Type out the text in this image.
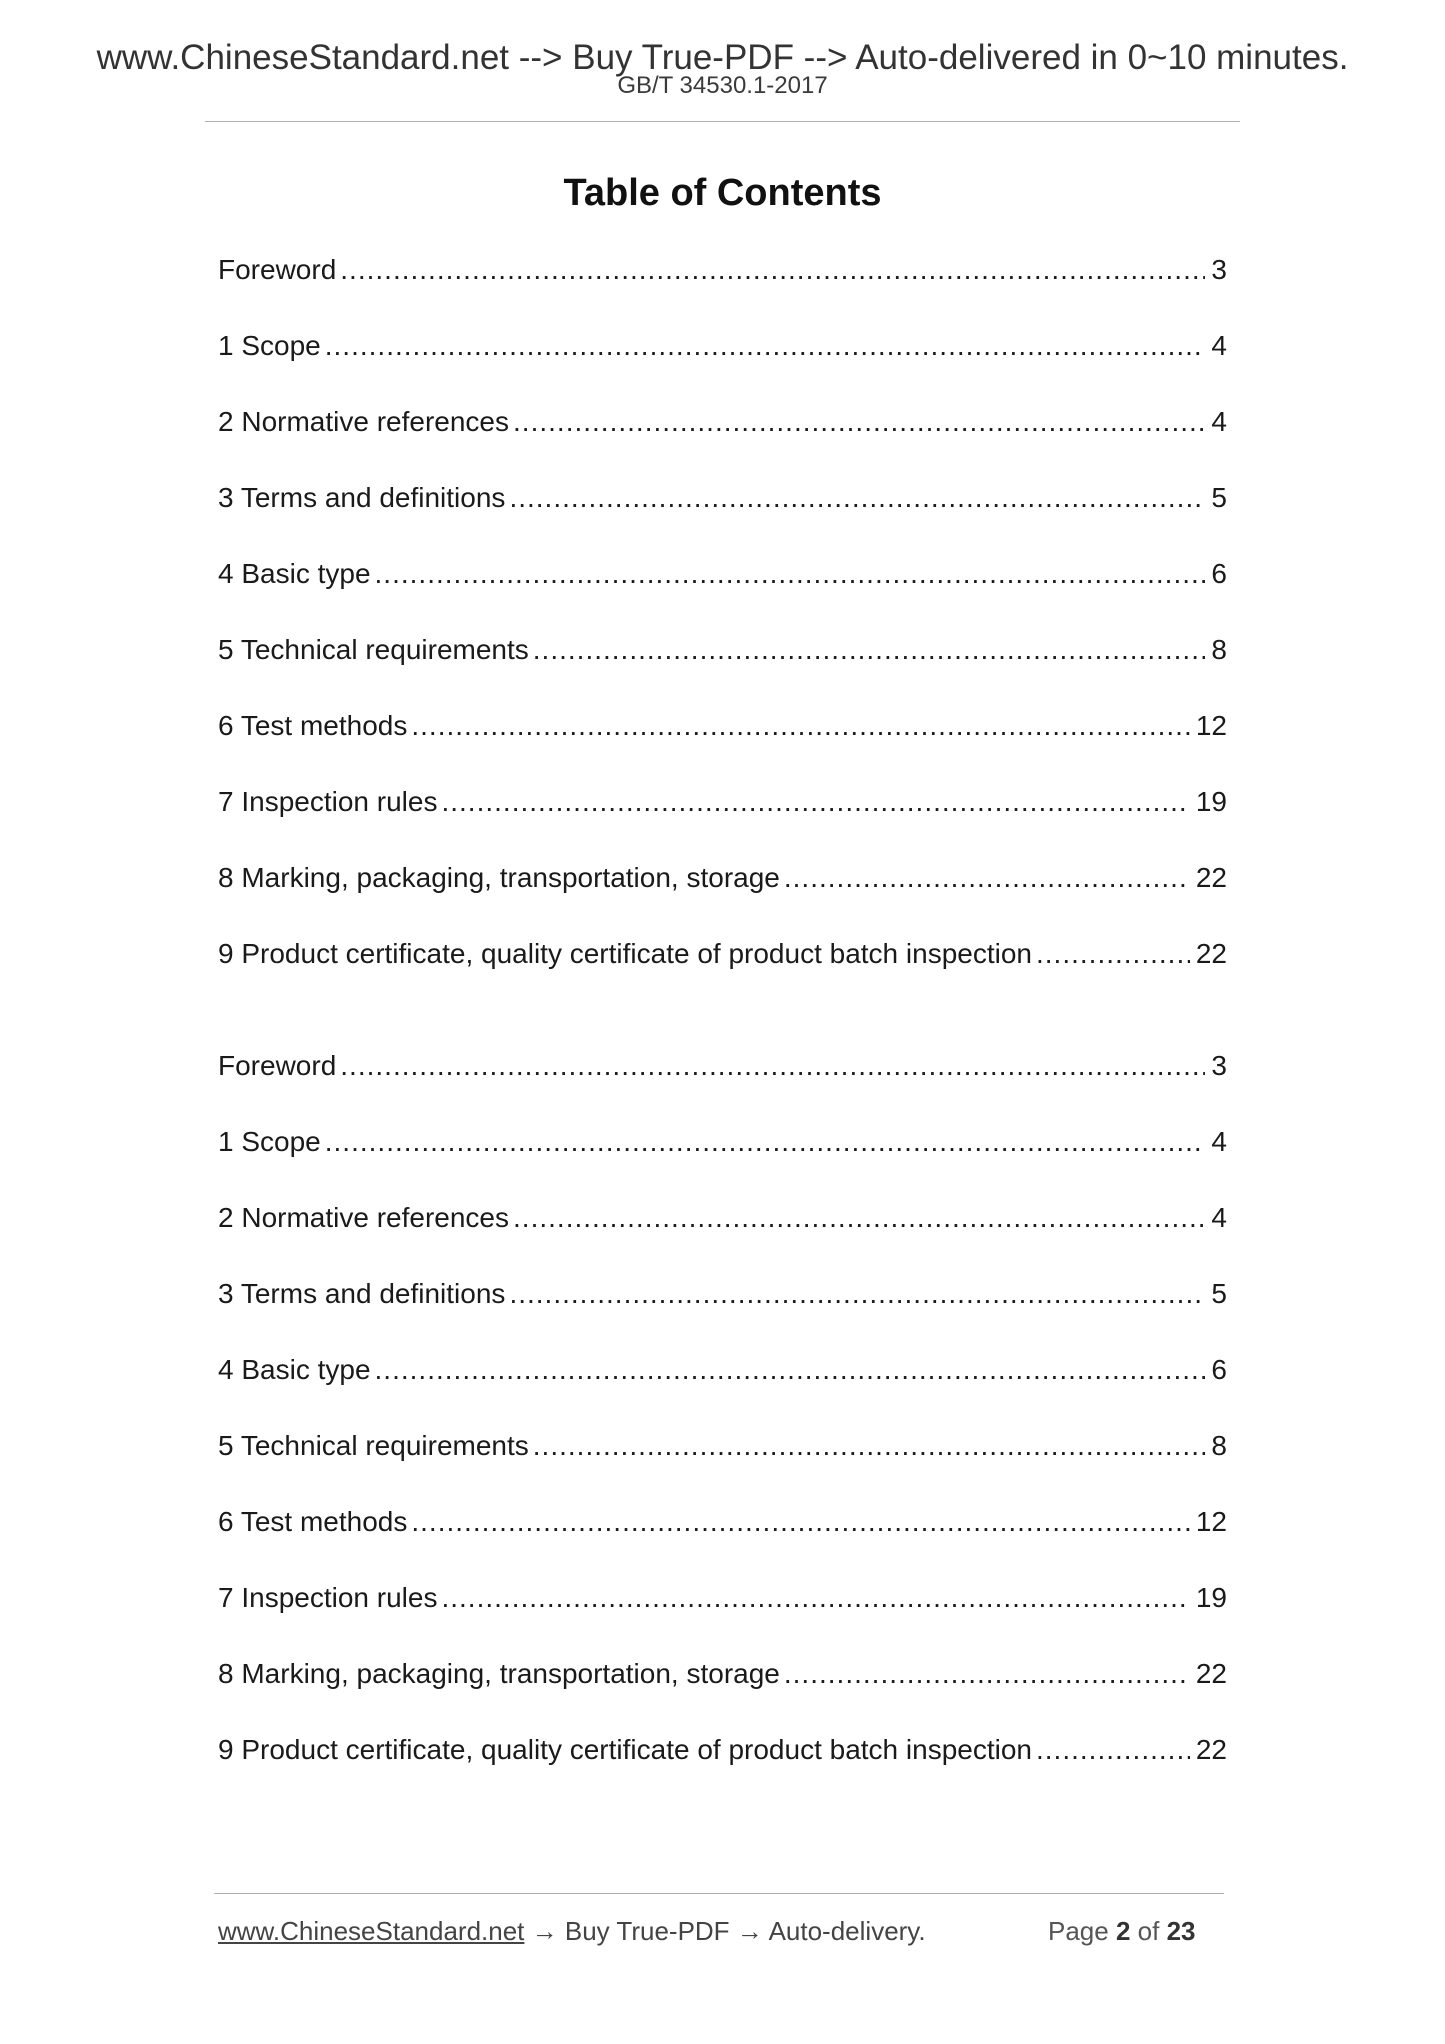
www.ChineseStandard.net --> Buy True-PDF --> Auto-delivered in 0~10 minutes.
GB/T 34530.1-2017
Table of Contents
Foreword .....	3
1 Scope .....	4
2 Normative references .....	4
3 Terms and definitions .....	5
4 Basic type .....	6
5 Technical requirements .....	8
6 Test methods .....	12
7 Inspection rules .....	19
8 Marking, packaging, transportation, storage .....	22
9 Product certificate, quality certificate of product batch inspection .....	22
Foreword .....	3
1 Scope .....	4
2 Normative references .....	4
3 Terms and definitions .....	5
4 Basic type .....	6
5 Technical requirements .....	8
6 Test methods .....	12
7 Inspection rules .....	19
8 Marking, packaging, transportation, storage .....	22
9 Product certificate, quality certificate of product batch inspection .....	22
www.ChineseStandard.net → Buy True-PDF → Auto-delivery.	Page 2 of 23
